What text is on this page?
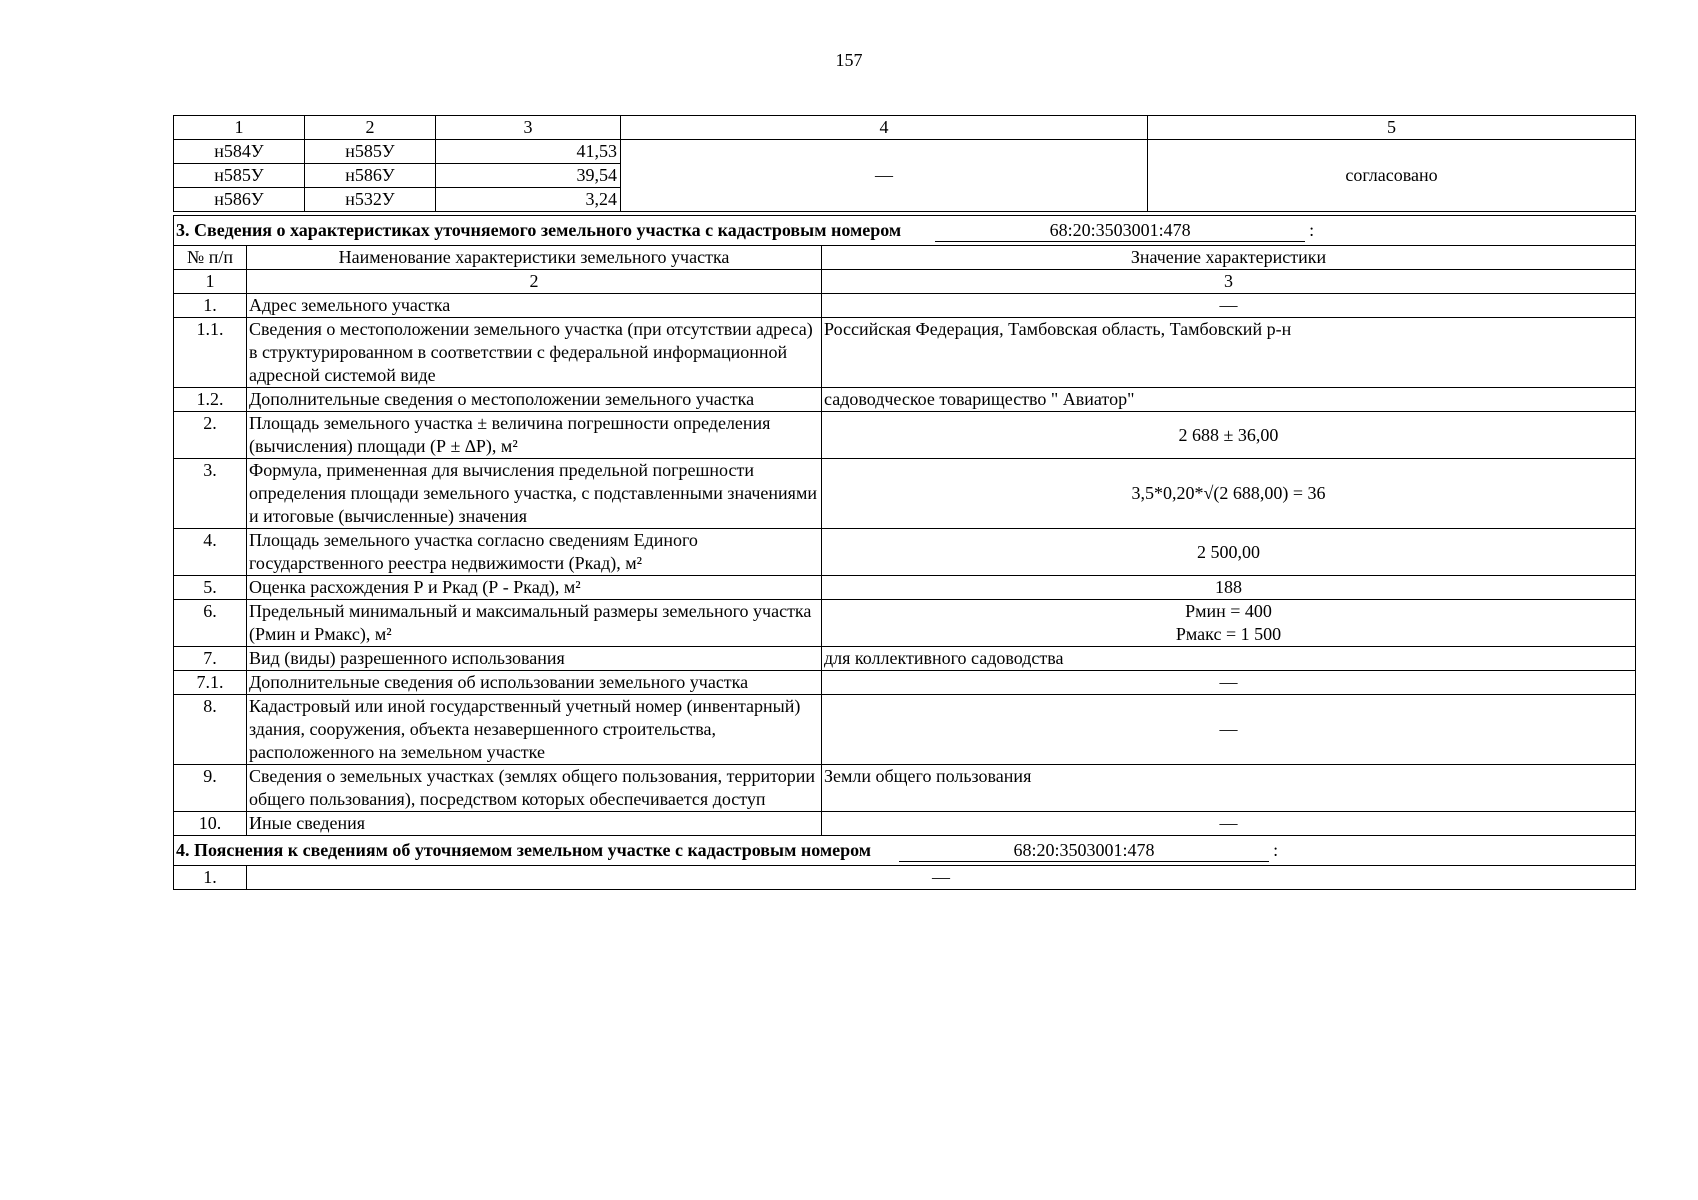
157
1	2	3	4	5
н584У	н585У	41,53	—	согласовано
н585У	н586У	39,54		
н586У	н532У	3,24		
3. Сведения о характеристиках уточняемого земельного участка с кадастровым номером 68:20:3503001:478 :		

№ п/п	Наименование характеристики земельного участка	Значение характеристики
1	2	3
1.	Адрес земельного участка	—
1.1.	Сведения о местоположении земельного участка (при отсутствии адреса) в структурированном в соответствии с федеральной информационной адресной системой виде	Российская Федерация, Тамбовская область, Тамбовский р-н
1.2.	Дополнительные сведения о местоположении земельного участка	садоводческое товарищество " Авиатор"
2.	Площадь земельного участка ± величина погрешности определения (вычисления) площади (Р ± ∆Р), м²	2 688 ± 36,00
3.	Формула, примененная для вычисления предельной погрешности определения площади земельного участка, с подставленными значениями и итоговые (вычисленные) значения	3,5*0,20*√(2 688,00) = 36
4.	Площадь земельного участка согласно сведениям Единого государственного реестра недвижимости (Ркад), м²	2 500,00
5.	Оценка расхождения Р и Ркад (Р - Ркад), м²	188
6.	Предельный минимальный и максимальный размеры земельного участка (Рмин и Рмакс), м²	Рмин = 400
Рмакс = 1 500

7.	Вид (виды) разрешенного использования	для коллективного садоводства
7.1.	Дополнительные сведения об использовании земельного участка	—
8.	Кадастровый или иной государственный учетный номер (инвентарный) здания, сооружения, объекта незавершенного строительства, расположенного на земельном участке	—
9.	Сведения о земельных участках (землях общего пользования, территории общего пользования), посредством которых обеспечивается доступ	Земли общего пользования
10.	Иные сведения	—

4. Пояснения к сведениям об уточняемом земельном участке с кадастровым номером 68:20:3503001:478 :		

1.	—	
